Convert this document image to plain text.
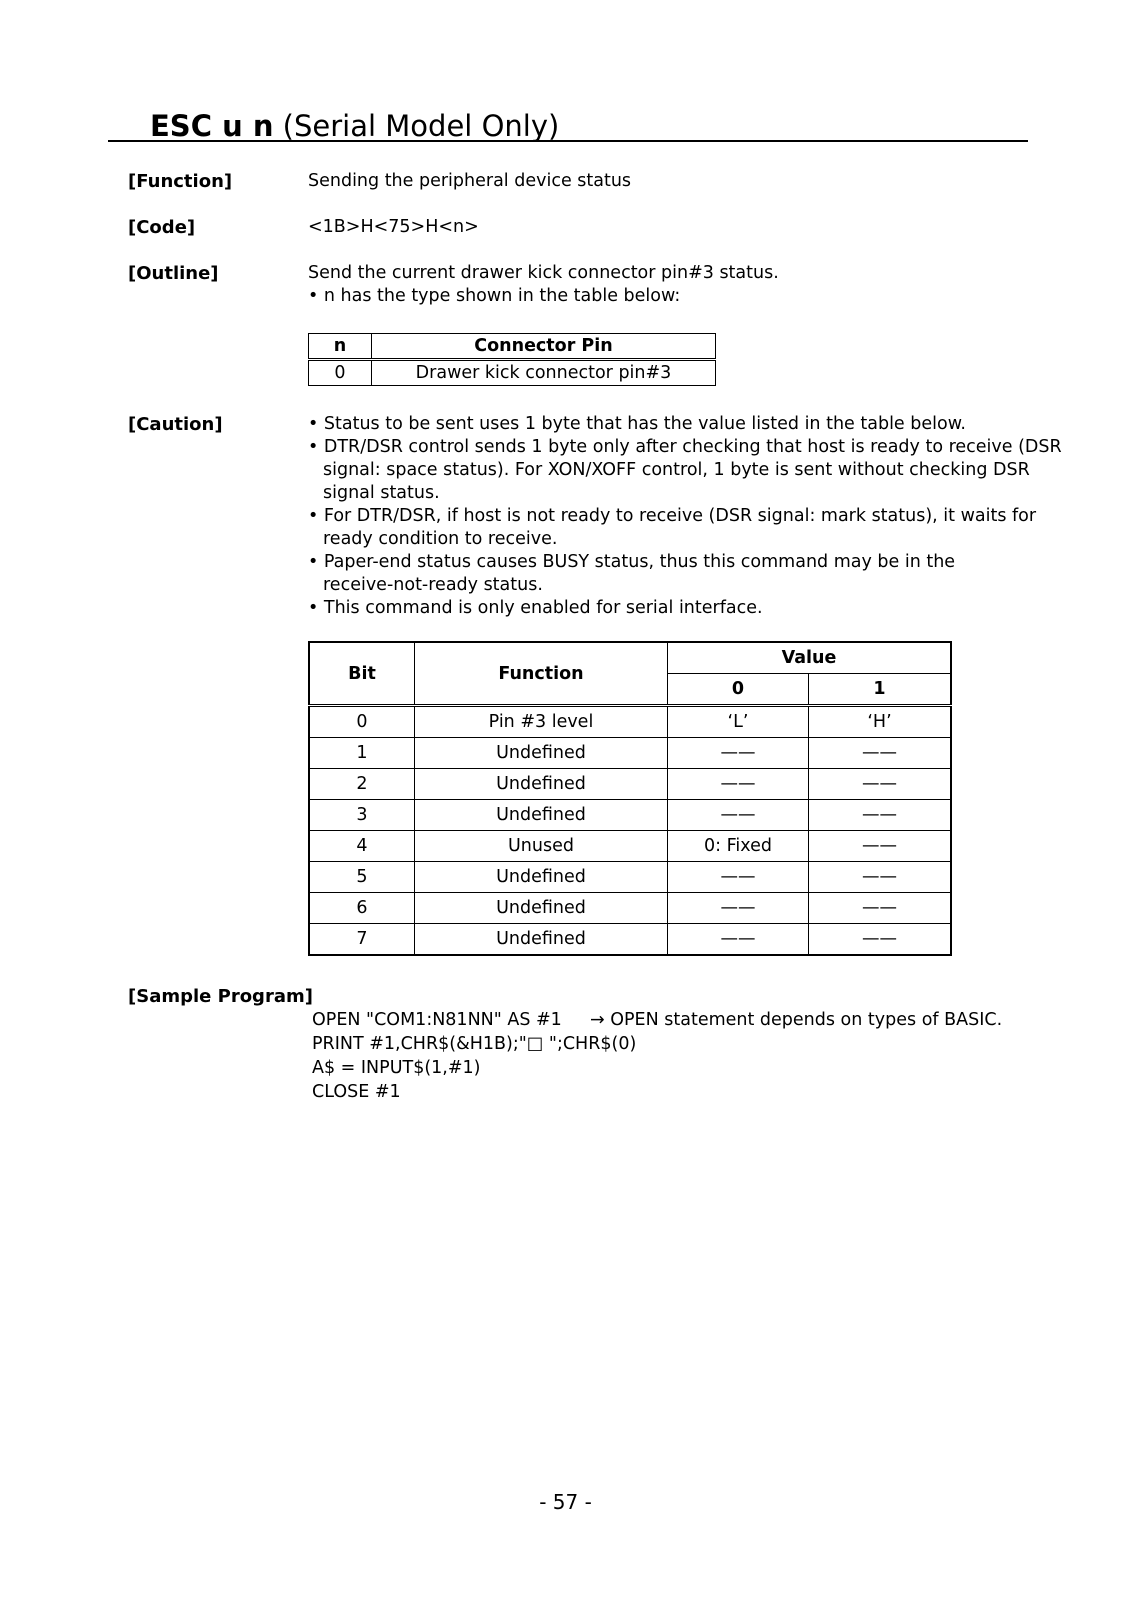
ESC u n (Serial Model Only)
[Function]	Sending the peripheral device status
[Code]	<1B>H<75>H<n>
[Outline]	Send the current drawer kick connector pin#3 status.
• n has the type shown in the table below:
n	Connector Pin
0	Drawer kick connector pin#3
[Caution]	• Status to be sent uses 1 byte that has the value listed in the table below.
• DTR/DSR control sends 1 byte only after checking that host is ready to receive (DSR
signal: space status). For XON/XOFF control, 1 byte is sent without checking DSR
signal status.
• For DTR/DSR, if host is not ready to receive (DSR signal: mark status), it waits for
ready condition to receive.
• Paper-end status causes BUSY status, thus this command may be in the
receive-not-ready status.
• This command is only enabled for serial interface.
Bit	Function	Value	
		0	1
0	Pin #3 level	‘L’	‘H’
1	Undefined	——	——
2	Undefined	——	——
3	Undefined	——	——
4	Unused	0: Fixed	——
5	Undefined	——	——
6	Undefined	——	——
7	Undefined	——	——
[Sample Program]
OPEN "COM1:N81NN" AS #1 → OPEN statement depends on types of BASIC.
PRINT #1,CHR$(&H1B);"□ ";CHR$(0)
A$ = INPUT$(1,#1)
CLOSE #1
- 57 -
